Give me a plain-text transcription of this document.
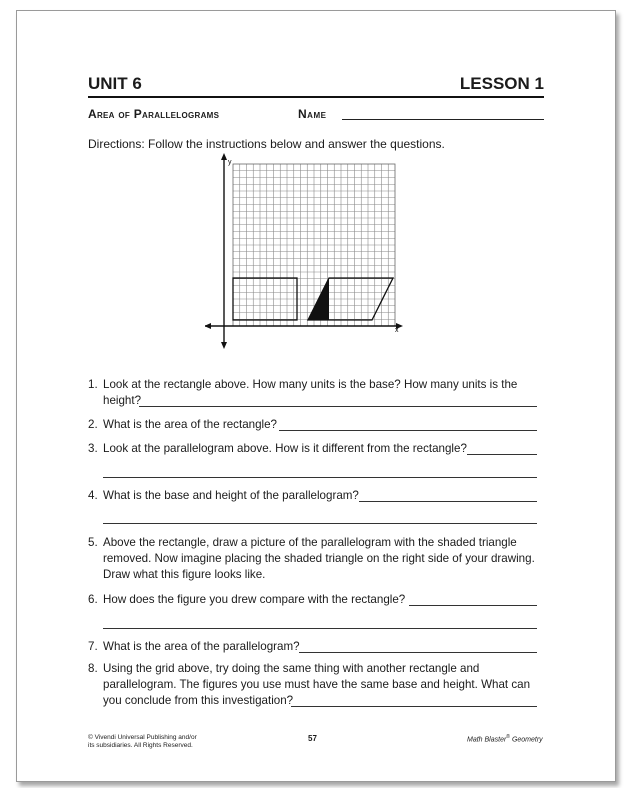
UNIT 6	LESSON 1
Area of Parallelograms	Name
Directions: Follow the instructions below and answer the questions.
y
x
1. Look at the rectangle above. How many units is the base? How many units is the
height?
2. What is the area of the rectangle?
3. Look at the parallelogram above. How is it different from the rectangle?
4. What is the base and height of the parallelogram?
5. Above the rectangle, draw a picture of the parallelogram with the shaded triangle
removed. Now imagine placing the shaded triangle on the right side of your drawing.
Draw what this figure looks like.
6. How does the figure you drew compare with the rectangle?
7. What is the area of the parallelogram?
8. Using the grid above, try doing the same thing with another rectangle and
parallelogram. The figures you use must have the same base and height. What can
you conclude from this investigation?
© Vivendi Universal Publishing and/or
its subsidiaries. All Rights Reserved.
57	Math Blaster® Geometry
